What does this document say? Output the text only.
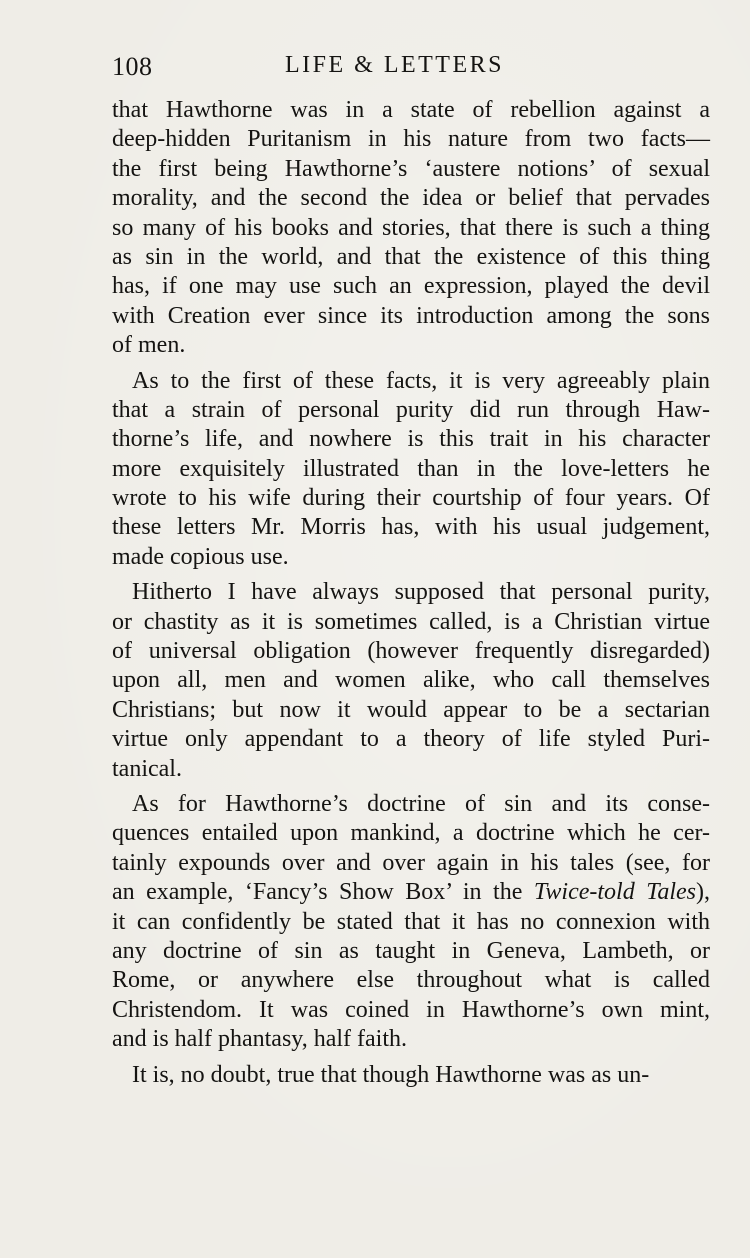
108	LIFE & LETTERS
that Hawthorne was in a state of rebellion against a
deep-hidden Puritanism in his nature from two facts—
the first being Hawthorne’s ‘austere notions’ of sexual
morality, and the second the idea or belief that pervades
so many of his books and stories, that there is such a thing
as sin in the world, and that the existence of this thing
has, if one may use such an expression, played the devil
with Creation ever since its introduction among the sons
of men.
As to the first of these facts, it is very agreeably plain
that a strain of personal purity did run through Haw-
thorne’s life, and nowhere is this trait in his character
more exquisitely illustrated than in the love-letters he
wrote to his wife during their courtship of four years. Of
these letters Mr. Morris has, with his usual judgement,
made copious use.
Hitherto I have always supposed that personal purity,
or chastity as it is sometimes called, is a Christian virtue
of universal obligation (however frequently disregarded)
upon all, men and women alike, who call themselves
Christians; but now it would appear to be a sectarian
virtue only appendant to a theory of life styled Puri-
tanical.
As for Hawthorne’s doctrine of sin and its conse-
quences entailed upon mankind, a doctrine which he cer-
tainly expounds over and over again in his tales (see, for
an example, ‘Fancy’s Show Box’ in the Twice-told Tales),
it can confidently be stated that it has no connexion with
any doctrine of sin as taught in Geneva, Lambeth, or
Rome, or anywhere else throughout what is called
Christendom. It was coined in Hawthorne’s own mint,
and is half phantasy, half faith.
It is, no doubt, true that though Hawthorne was as un-
